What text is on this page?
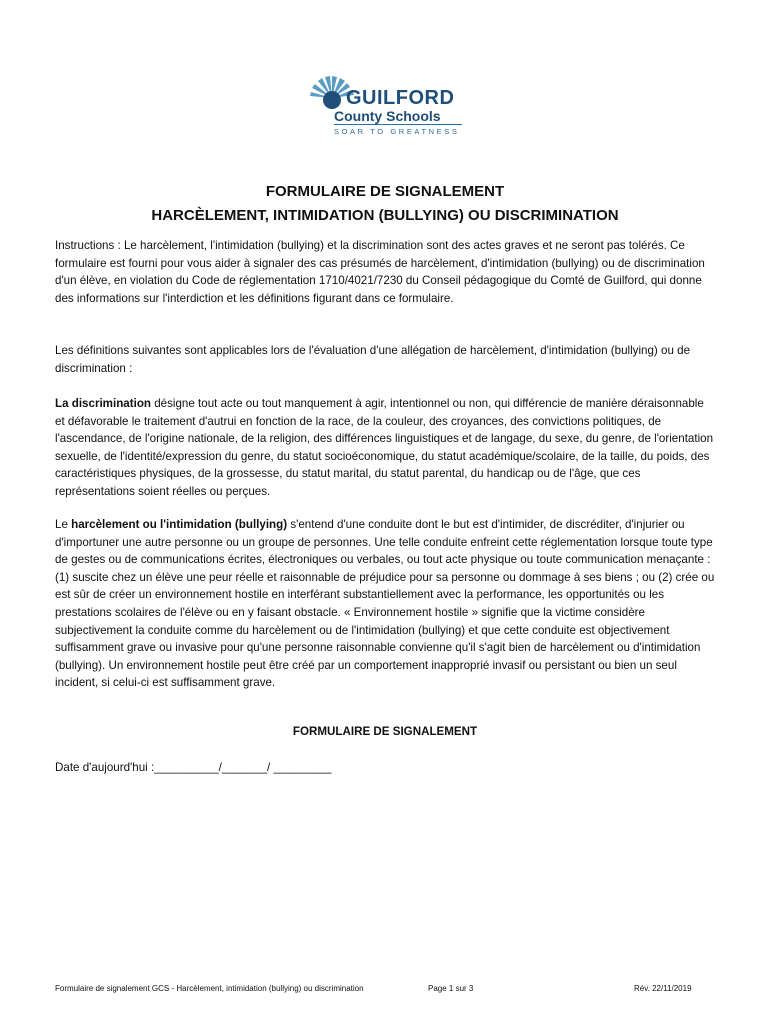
GUILFORD
County Schools
SOAR TO GREATNESS
FORMULAIRE DE SIGNALEMENT
HARCÈLEMENT, INTIMIDATION (BULLYING) OU DISCRIMINATION

Instructions : Le harcèlement, l'intimidation (bullying) et la discrimination sont des actes graves et ne seront pas tolérés. Ce formulaire est fourni pour vous aider à signaler des cas présumés de harcèlement, d'intimidation (bullying) ou de discrimination d'un élève, en violation du Code de réglementation 1710/4021/7230 du Conseil pédagogique du Comté de Guilford, qui donne des informations sur l'interdiction et les définitions figurant dans ce formulaire.

Les définitions suivantes sont applicables lors de l'évaluation d'une allégation de harcèlement, d'intimidation (bullying) ou de discrimination :

La discrimination désigne tout acte ou tout manquement à agir, intentionnel ou non, qui différencie de manière déraisonnable et défavorable le traitement d'autrui en fonction de la race, de la couleur, des croyances, des convictions politiques, de l'ascendance, de l'origine nationale, de la religion, des différences linguistiques et de langage, du sexe, du genre, de l'orientation sexuelle, de l'identité/expression du genre, du statut socioéconomique, du statut académique/scolaire, de la taille, du poids, des caractéristiques physiques, de la grossesse, du statut marital, du statut parental, du handicap ou de l'âge, que ces représentations soient réelles ou perçues.

Le harcèlement ou l'intimidation (bullying) s'entend d'une conduite dont le but est d'intimider, de discréditer, d'injurier ou d'importuner une autre personne ou un groupe de personnes. Une telle conduite enfreint cette réglementation lorsque toute type de gestes ou de communications écrites, électroniques ou verbales, ou tout acte physique ou toute communication menaçante : (1) suscite chez un élève une peur réelle et raisonnable de préjudice pour sa personne ou dommage à ses biens ; ou (2) crée ou est sûr de créer un environnement hostile en interférant substantiellement avec la performance, les opportunités ou les prestations scolaires de l'élève ou en y faisant obstacle. « Environnement hostile » signifie que la victime considère subjectivement la conduite comme du harcèlement ou de l'intimidation (bullying) et que cette conduite est objectivement suffisamment grave ou invasive pour qu'une personne raisonnable convienne qu'il s'agit bien de harcèlement ou d'intimidation (bullying). Un environnement hostile peut être créé par un comportement inapproprié invasif ou persistant ou bien un seul incident, si celui-ci est suffisamment grave.

FORMULAIRE DE SIGNALEMENT
Date d'aujourd'hui :__________/_______/ _________
Formulaire de signalement GCS - Harcèlement, intimidation (bullying) ou discrimination	Page 1 sur 3	Rév. 22/11/2019
